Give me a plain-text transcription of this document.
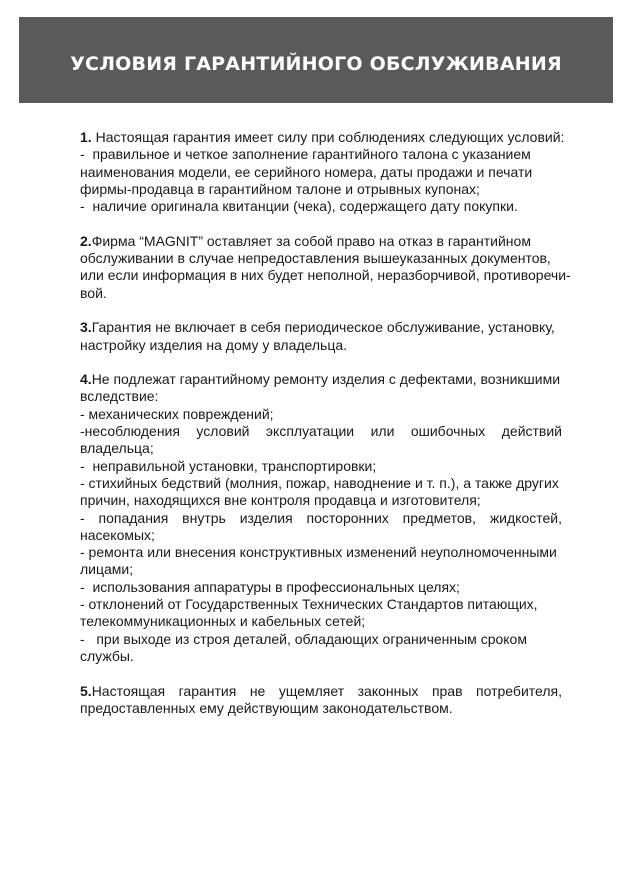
УСЛОВИЯ ГАРАНТИЙНОГО ОБСЛУЖИВАНИЯ
1. Настоящая гарантия имеет силу при соблюдениях следующих условий:
-  правильное и четкое заполнение гарантийного талона с указанием
наименования модели, ее серийного номера, даты продажи и печати
фирмы-продавца в гарантийном талоне и отрывных купонах;
-  наличие оригинала квитанции (чека), содержащего дату покупки.
2.Фирма “MAGNIT” оставляет за собой право на отказ в гарантийном
обслуживании в случае непредоставления вышеуказанных документов,
или если информация в них будет неполной, неразборчивой, противоречи-
вой.
3.Гарантия не включает в себя периодическое обслуживание, установку,
настройку изделия на дому у владельца.
4.Не подлежат гарантийному ремонту изделия с дефектами, возникшими
вследствие:
- механических повреждений;
-несоблюдения условий эксплуатации или ошибочных действий
владельца;
-  неправильной установки, транспортировки;
- стихийных бедствий (молния, пожар, наводнение и т. п.), а также других
причин, находящихся вне контроля продавца и изготовителя;
- попадания внутрь изделия посторонних предметов, жидкостей,
насекомых;
- ремонта или внесения конструктивных изменений неуполномоченными
лицами;
-  использования аппаратуры в профессиональных целях;
- отклонений от Государственных Технических Стандартов питающих,
телекоммуникационных и кабельных сетей;
-   при выходе из строя деталей, обладающих ограниченным сроком
службы.
5.Настоящая гарантия не ущемляет законных прав потребителя,
предоставленных ему действующим законодательством.
